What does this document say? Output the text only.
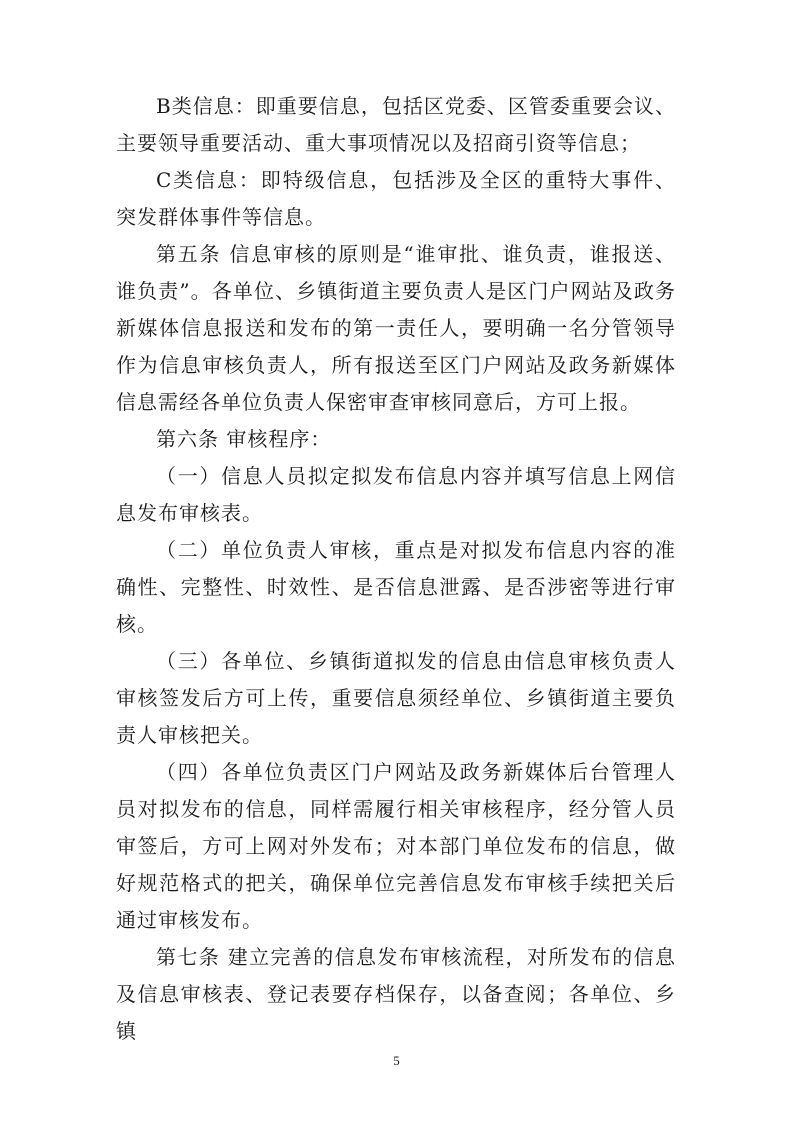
B类信息：即重要信息，包括区党委、区管委重要会议、主要领导重要活动、重大事项情况以及招商引资等信息；

C类信息：即特级信息，包括涉及全区的重特大事件、突发群体事件等信息。

第五条 信息审核的原则是“谁审批、谁负责，谁报送、谁负责”。各单位、乡镇街道主要负责人是区门户网站及政务新媒体信息报送和发布的第一责任人，要明确一名分管领导作为信息审核负责人，所有报送至区门户网站及政务新媒体信息需经各单位负责人保密审查审核同意后，方可上报。

第六条 审核程序：

（一）信息人员拟定拟发布信息内容并填写信息上网信息发布审核表。

（二）单位负责人审核，重点是对拟发布信息内容的准确性、完整性、时效性、是否信息泄露、是否涉密等进行审核。

（三）各单位、乡镇街道拟发的信息由信息审核负责人审核签发后方可上传，重要信息须经单位、乡镇街道主要负责人审核把关。

（四）各单位负责区门户网站及政务新媒体后台管理人员对拟发布的信息，同样需履行相关审核程序，经分管人员审签后，方可上网对外发布；对本部门单位发布的信息，做好规范格式的把关，确保单位完善信息发布审核手续把关后通过审核发布。

第七条 建立完善的信息发布审核流程，对所发布的信息及信息审核表、登记表要存档保存，以备查阅；各单位、乡镇

5
